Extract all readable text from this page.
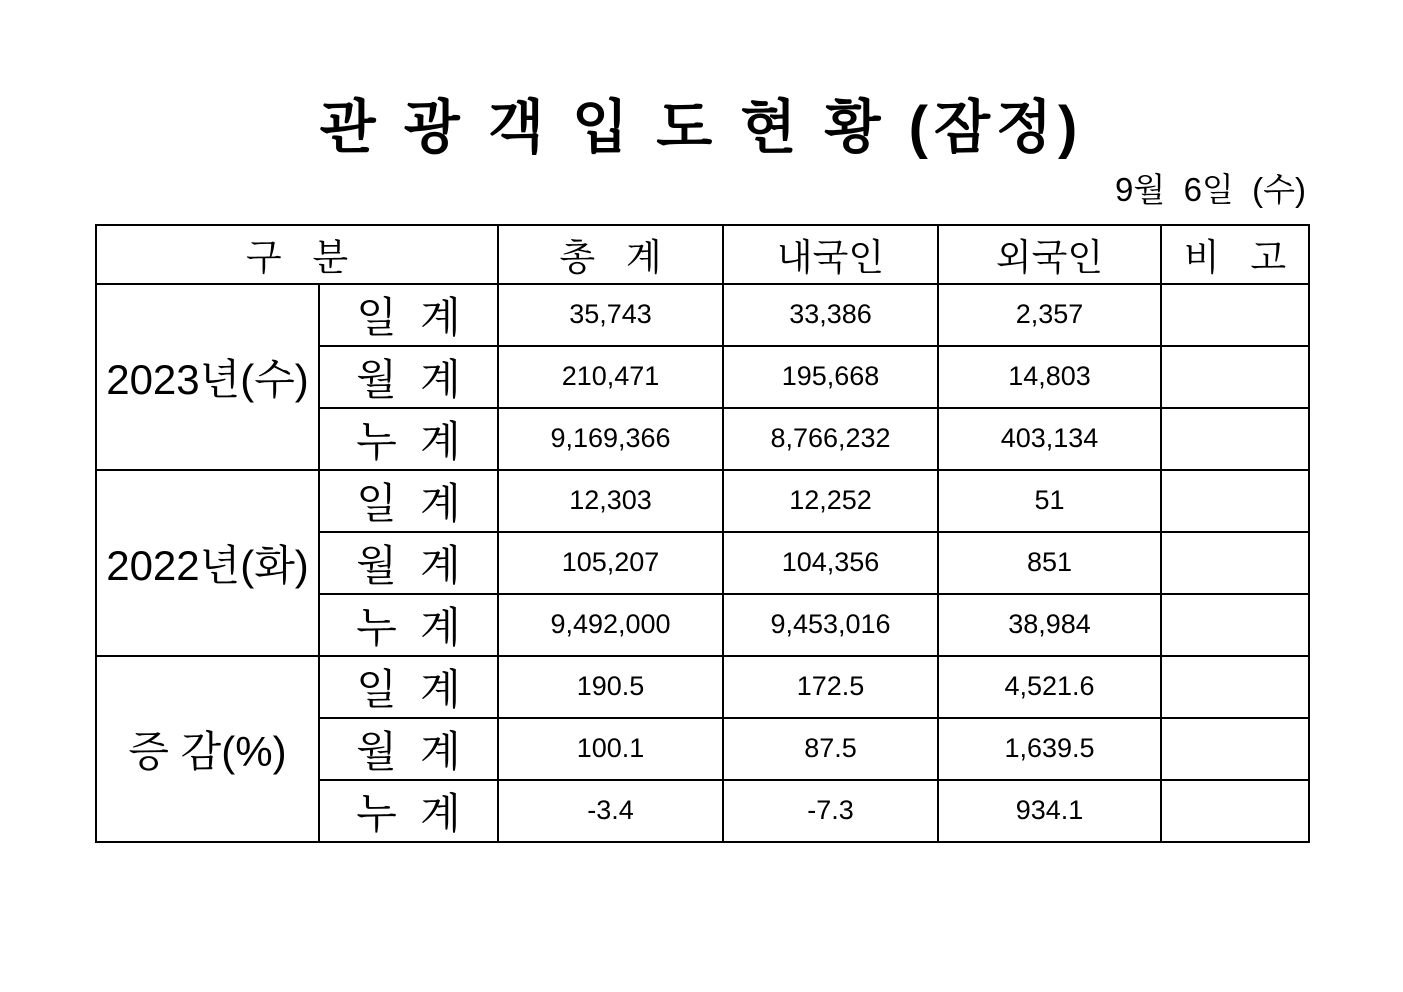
관 광 객 입 도 현 황 (잠정)
9월  6일  (수)
구   분		총   계	내국인	외국인	비   고
2023년(수)	일  계	35,743	33,386	2,357	
	월  계	210,471	195,668	14,803	
	누  계	9,169,366	8,766,232	403,134	
2022년(화)	일  계	12,303	12,252	51	
	월  계	105,207	104,356	851	
	누  계	9,492,000	9,453,016	38,984	
증 감(%)	일  계	190.5	172.5	4,521.6	
	월  계	100.1	87.5	1,639.5	
	누  계	-3.4	-7.3	934.1	
